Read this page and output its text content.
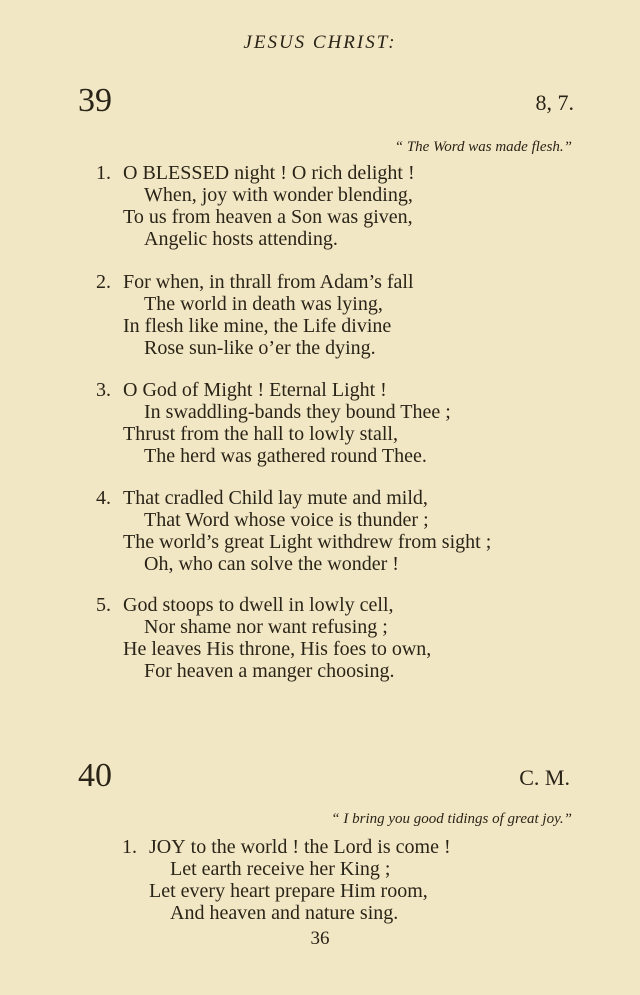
JESUS CHRIST:
39	8, 7.
“ The Word was made flesh.”
1. O BLESSED night ! O rich delight !
When, joy with wonder blending,
To us from heaven a Son was given,
Angelic hosts attending.
2. For when, in thrall from Adam’s fall
The world in death was lying,
In flesh like mine, the Life divine
Rose sun-like o’er the dying.
3. O God of Might ! Eternal Light !
In swaddling-bands they bound Thee ;
Thrust from the hall to lowly stall,
The herd was gathered round Thee.
4. That cradled Child lay mute and mild,
That Word whose voice is thunder ;
The world’s great Light withdrew from sight ;
Oh, who can solve the wonder !
5. God stoops to dwell in lowly cell,
Nor shame nor want refusing ;
He leaves His throne, His foes to own,
For heaven a manger choosing.
40	C. M.
“ I bring you good tidings of great joy.”
1. JOY to the world ! the Lord is come !
Let earth receive her King ;
Let every heart prepare Him room,
And heaven and nature sing.
36
